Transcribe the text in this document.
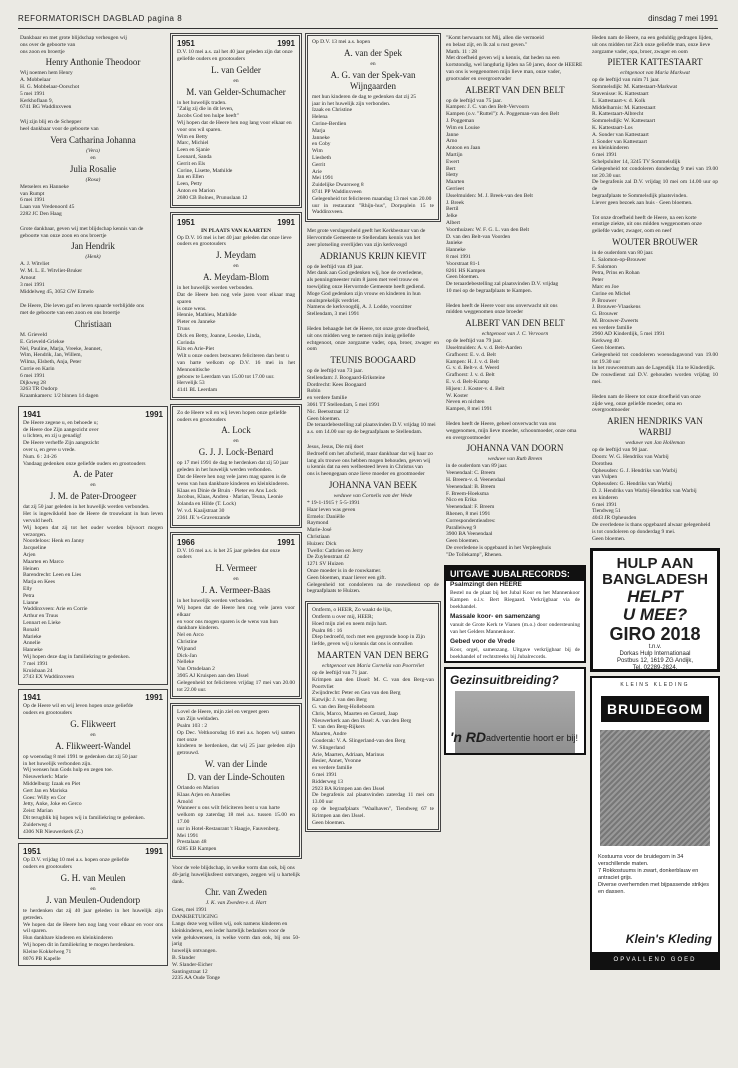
REFORMATORISCH DAGBLAD pagina 8	dinsdag 7 mei 1991
Dankbaar en met grote blijdschap verheugen wij
ons over de geboorte van
ons zoon en broertje
Henry Anthonie Theodoor
Wij noemen hem Henry
A. Mobbelaar
H. G. Mobbelaar-Oorschot
5 mei 1991
Kerkhoflaan 9,
6741 BG Waddinxveen
Wij zijn blij en de Schepper
heel dankbaar voor de geboorte van
Vera Catharina Johanna
(Vera)
en
Julia Rosalie
(Rosa)
Metselers en Hanneke
van Rumpt
6 mei 1991
Laan van Vredenoord 45
2282 JC Den Haag
Grote dankbaar, geven wij met blijdschap kennis van de
geboorte van onze zoon en ons broertje
Jan Hendrik
(Henk)
A. J. Witvliet
W. M. L. E. Witvliet-Bruker
Arnout
3 mei 1991
Middelweg 45, 3052 GW Ermelo
De Heere, Die leven gaf en leven spaarde verblijdde ons
met de geboorte van een zoon en ons broertje
Christiaan
M. Grieveld
E. Grieveld-Griekse
Nel, Pauline, Marja, Vreeke, Jeannet,
Wim, Hendrik, Jan, Willem,
Wilma, Elsbeth, Anja, Peter
Corrie en Karin
6 mei 1991
Dijkweg 28
3263 TR Oudorp
Kraamkamers: 1/2 binnen 14 dagen
1941	1991
De Heere zegene u, en behoede u;
de Heere doe Zijn aangezicht over
u lichten, en zij u genadig!
De Heere verheffe Zijn aangezicht
over u, en geve u vrede.
Num. 6 : 24-26
Vandaag gedenken onze geliefde ouders en grootouders
A. de Pater
en
J. M. de Pater-Droogeer
dat zij 50 jaar geleden in het huwelijk werden verbonden.
Het is ingewikkeld hoe de Heere de trouwkant in hun leven vervuld heeft.
Wij hopen dat zij tot het ouder worden bijvoort mogen verzorgen.
Noordeloos: Henk en Janny
Jacqueline
Arjen
Maarten en Marco
Heinen
Barendrecht: Leen en Lies
Marja en Kees
Elly
Petra
Lianne
Waddinxveen: Arie en Corrie
Arthur en Truus
Lennart en Lieke
Ronald
Marieke
Annelie
Hanneke
Wij hopen deze dag in familiekring te gedenken.
7 mei 1991
Kruisbaan 24
2743 EX Waddinxveen
1941	1991
Op de Heere wil en wij leven hopen onze geliefde
ouders en grootouders
G. Flikweert
en
A. Flikweert-Wandel
op woensdag 8 mei 1991 te gedenken dat zij 50 jaar
in het huwelijk verbonden zijn.
Wij wensen hun Gods hulp en zegen toe.
Nieuwerkerk: Marie
Middelburg: Izaak en Piet
Gert Jan en Mariska
Goes: Willy en Cor
Jetty, Anke, Joke en Gerco
Zeist: Marian
Dit terugblik bij hopen wij in familiekring te gedenken.
Zuiderweg 4
4306 NB Nieuwerkerk (Z.)
1951	1991
Op D.V. vrijdag 10 mei a.s. hopen onze geliefde
ouders en grootouders
G. H. van Meulen
en
J. van Meulen-Oudendorp
te herdenken dat zij 40 jaar geleden in het huwelijk zijn getreden.
We hopen dat de Heere hen nog lang voor elkaar en voor ons wil sparen.
Hun dankbare kinderen en kleinkinderen
Wij hopen dit in familiekring te mogen herdenken.
Kleine Kokkelweg 71
8076 PB Kapelle
1951	1991
D.V. 10 mei a.s. zal het 40 jaar geleden zijn dat onze
geliefde ouders en grootouders
L. van Gelder
en
M. van Gelder-Schumacher
in het huwelijk traden.
"Zalig zij die in dit leven,
Jacobs God ten hulpe heeft"
Wij hopen dat de Heere hen nog lang voor elkaar en
voor ons wil sparen.
Wim en Betty
Marc, Michiel
Leen en Sjanie
Leonard, Sanda
Gerrit en Els
Corine, Lisette, Mathilde
Jan en Ellen
Leen, Petty
Anton en Marion
2680 CB Bolnes, Prunuslaan 12
1951	1991
IN PLAATS VAN KAARTEN
Op D.V. 16 mei is het 40 jaar geleden dat onze lieve
ouders en grootouders
J. Meydam
en
A. Meydam-Blom
in het huwelijk werden verbonden.
Dat de Heere hen nog vele jaren voor elkaar mag sparen
is onze wens.
Hennie, Mathieu, Mathilde
Pieter en Janneke
Truus
Dick en Betty, Joanne, Leoske, Linda,
Corinda
Kits en Arie-Piet
Wilt u onze ouders bezwaren feliciteren dan bent u
van harte welkom op D.V. 16 mei in het Mennonitische
gebouw te Leerdam van 15.00 tot 17.00 uur.
Hervelijk 53
4141 BL Leerdam
Zo de Heere wil en wij leven hopen onze geliefde
ouders en grootouders
A. Lock
en
G. J. J. Lock-Benard
op 17 mei 1991 de dag te herdenken dat zij 50 jaar
geleden in het huwelijk werden verbonden.
Dat de Heere hen nog vele jaren mag sparen is de
wens van hun dankbare kinderen en kleinkinderen.
Klaas en Dinie de Bruin · Pieter en Ans Lock
Jacobus, Klaas, Andrea · Marian, Teuna, Leonie
Jolanda en Hilde (T. Lock)
W. v.d. Kaaijstraat 30
2361 JE 's-Gravenzande
1966	1991
D.V. 16 mei a.s. is het 25 jaar geleden dat onze
ouders
H. Vermeer
en
J. A. Vermeer-Baas
in het huwelijk werden verbonden.
Wij hopen dat de Heere hen nog vele jaren voor elkaar
en voor ons mogen sparen is de wens van hun
dankbare kinderen.
Nel en Arco
Christine
Wijnand
Dick-Jan
Nelleke
Van Ortsdelaan 2
3905 AJ Kruispen aan den IJssel
Gelegenheid tot feliciteren vrijdag 17 mei van 20.00 tot 22.00 uur.
Lovel de Heere, mijn ziel en vergeet geen
van Zijn weldaden.
Psalm 103 : 2
Op Dec. Veltkoorsdag 16 mei a.s. hopen wij samen met onze
kinderen te herdenken, dat wij 25 jaar geleden zijn getrouwd.
W. van der Linde
D. van der Linde-Schouten
Orlando en Marion
Klaas Arjen en Annelies
Arnold
Wanneer u ons wilt feliciteren bent u van harte
welkom op zaterdag 18 mei a.s. tussen 15.00 en 17.00
uur in Hotel-Restaurant 't Haagje, Fauvenberg.
Mei 1991
Prestalaan 48
6285 EB Kampen
Voor de vele blijdschap, in welke vorm dan ook, bij ons
40-jarig huwelijksfeest ontvangen, zeggen wij u hartelijk dank.
Chr. van Zweden
J. K. van Zweden-v. d. Hart
Goes, mei 1991
DANKBETUIGING
Langs deze weg willen wij, ook namens kinderen en
kleinkinderen, een ieder hartelijk bedanken voor de
vele gelukwensen, in welke vorm dan ook, bij ons 50-jarig
huwelijk ontvangen.
B. Slander
W. Slander-Eicher
Santingstraat 12
2235 AA Oude Tonge
Op D.V. 13 mei a.s. hopen
A. van der Spek
en
A. G. van der Spek-van Wijngaarden
met hun kinderen de dag te gedenken dat zij 25
jaar in het huwelijk zijn verbonden.
Izaak en Christine
Helena
Corine-Berdien
Marja
Janneke
en Coby
Wim
Liesbeth
Gerrit
Arie
Mei 1991
Zuidelijke Dwarsweg 8
8741 PP Waddinxveen
Gelegenheid tot feliciteren maandag 13 mei van 20.00
uur in restaurant "Rhijn-hus", Dorpsplein 15 te Waddinxveen.
Met grote verslagenheid geeft het Kerkbestuur van de
Hervormde Gemeente te Stellendam kennis van het
zeer plotseling overlijden van zijn kerkvoogd
ADRIANUS KRIJN KIEVIT
op de leeftijd van 49 jaar.
Met dank aan God gedenken wij, hoe de overledene,
als penningmeester ruim 8 jaren met veel trouw en
toewijding onze Hervormde Gemeente heeft gediend.
Moge God gedenken zijn vrouw en kinderen in hun
onuitsprekelijk verdriet.
Namens de kerkvoogdij, A. J. Lodde, voorzitter
Stellendam, 3 mei 1991
Heden behaagde het de Heere, tot onze grote droefheid,
uit ons midden weg te nemen mijn innig geliefde
echtgenoot, onze zorgzame vader, opa, broer, zwager en oom
TEUNIS BOOGAARD
op de leeftijd van 73 jaar.
Stellendam: J. Boogaard-Eriksteine
Dordrecht: Kees Boogaard
Robin
en verdere familie
3061 TT Stellendam, 5 mei 1991
Nic. Beetsstraat 12
Geen bloemen.
De teraardebestelling zal plaatsvinden D.V. vrijdag 10 mei
a.s. om 14.00 uur op de begraafplaats te Stellendam.
Jesus, Jesus, Die mij doet
Bedroefd om het afscheid, maar dankbaar dat wij haar zo
lang als trouwe ons hebben mogen behouden, geven wij
u kennis dat na een welbesteed leven in Christus van
ons is heengegaan onze lieve moeder en grootmoeder
JOHANNA VAN BEEK
weduwe van Cornelis van der Wede
* 19-1-1915 † 5-5-1991
Haar leven was geven
Ermelo: Daniëlle
Raymond
Marie-José
Christiaan
Huizen: Dick
Twello: Cathrien en Jerry
De Zuylenstraat 42
1271 SV Huizen
Onze moeder is in de rouwkamer.
Geen bloemen, maar liever een gift.
Gelegenheid tot condoleren na de rouwdienst op de begraafplaats te Huizen.
Ontferm, o HEER, Zo waakt de lijn,
Ontferm u over mij, HEER;
Hoed mijn ziel en neem mijn hart.
Psalm 86 : 16
Diep bedroefd, toch met een gegronde hoop in Zijn
liefde, geven wij u kennis dat ons is ontvallen
MAARTEN VAN DEN BERG
echtgenoot van Maria Cornelia van Poortvliet
op de leeftijd van 71 jaar.
Krimpen aan den IJssel: M. C. van den Berg-van Poortvliet
Zwijndrecht: Peter en Gea van den Berg
Katwijk: J. van den Berg
G. van den Berg-Holleboom
Chris, Marco, Maarten en Gerard, Jaap
Nieuwerkerk aan den IJssel: A. van den Berg
T. van den Berg-Rijkers
Maarten, Andre
Gouderak: V. A. Slingerland-van den Berg
W. Slingerland
Arie, Maarten, Adriaan, Marinus
Besier, Annet, Yvonne
en verdere familie
6 mei 1991
Ridderweg 13
2923 BA Krimpen aan den IJssel
De begrafenis zal plaatsvinden zaterdag 11 mei om 13.00 uur
op de begraafplaats "Waalhaven", Tiendweg 67 te Krimpen aan den IJssel.
Geen bloemen.
"Komt herwaarts tot Mij, allen die vermoeid
en belast zijt, en Ik zal u rust geven."
Matth. 11 : 28
Met droefheid geven wij u kennis, dat heden na een
kortstondig, wel langdurig lijden na 50 jaren, door de HEERE
van ons is weggenomen mijn lieve man, onze vader,
grootvader en overgrootvader
ALBERT VAN DEN BELT
op de leeftijd van 75 jaar.
Kampen: J. C. van den Belt-Vervoorn
Kampen (o.v. "Ruttel"): A. Poggeman-van den Belt
J. Poggeman
Wim en Louise
Janne
Arno
Antoon en Jaan
Martijn
Ewert
Bert
Hetty
Maarten
Gerrieet
IJsselmuiden: M. J. Breek-van den Belt
J. Breek
Bertil
Jelke
Albert
Voorthuizen: W. F. G. L. van den Belt
D. van den Belt-van Voorden
Janieke
Hanneke
8 mei 1991
Voorstraat 81-1
8261 HS Kampen
Geen bloemen.
De teraardebestelling zal plaatsvinden D.V. vrijdag
10 mei op de begraafplaats te Kampen.
Heden heeft de Heere voor ons onverwacht uit ons
midden weggenomen onze broeder
ALBERT VAN DEN BELT
echtgenoot van J. C. Vervoorn
op de leeftijd van 79 jaar.
IJsselmuiden: A. v. d. Belt-Aarden
Grafhorst: E. v. d. Belt
Kampen: H. J. v. d. Belt
G. v. d. Belt-v. d. Weerd
Grafhorst: J. v. d. Belt
E. v. d. Belt-Kramp
Hijsen: J. Koster-v. d. Belt
W. Koster
Neven en nichten
Kampen, 8 mei 1991
Heden heeft de Heere, geheel onverwacht van ons
weggenomen, mijn lieve moeder, schoonmoeder, onze oma
en overgrootmoeder
JOHANNA VAN DOORN
weduwe van Ruth Breem
in de ouderdom van 89 jaar.
Veenendaal: C. Breem
H. Breem-v. d. Veenendaal
Veenendaal: B. Breem
F. Breem-Hoeksma
Nico en Erika
Veenendaal: F. Breem
Rhenen, 8 mei 1991
Correspondentieadres:
Paralleiweg 9
3900 BA Veenendaal
Geen bloemen.
De overledene is opgebaard in het Verpleeghuis
"De Tollekamp", Rhenen.
UITGAVE JUBALRECORDS:
Psalmzingt den HEERE
Bestel nu de plaat bij het Jubal Koor en het Mannenkoor Kampen o.l.v. Bert Riegaard. Verkrijgbaar via de boekhandel.
Massale koor- en samenzang
vanuit de Grote Kerk te Vianen (m.o.) door ondersteuning van het Gelders Mannenkoor.
Gebed voor de Vrede
Koor, orgel, samenzang. Uitgave verkrijgbaar bij de boekhandel of rechtstreeks bij Jubalrecords.
Gezinsuitbreiding?
'n RD advertentie hoort er bij!
Heden nam de Heere, na een geduldig gedragen lijden,
uit ons midden tot Zich onze geliefde man, onze lieve
zorgzame vader, opa, broer, zwager en oom
PIETER KATTESTAART
echtgenoot van Maria Markwat
op de leeftijd van ruim 71 jaar.
Sommelsdijk: M. Kattestaart-Markwat
Stavenisse: K. Kattestaart
L. Kattestaart-v. d. Kolk
Middelharnis: M. Kattestaart
R. Kattestaart-Albrecht
Sommelsdijk: W. Kattestaart
K. Kattestaart-Los
A. Sonder van Kattestaart
J. Sonder van Kattestaart
en kleinkinderen
6 mei 1991
Schelpsluiter 14, 3245 TV Sommelsdijk
Gelegenheid tot condoleren donderdag 9 mei van 19.00 tot 20.30 uur.
De begrafenis zal D.V. vrijdag 10 mei om 14.00 uur op de
begraafplaats te Sommelsdijk plaatsvinden.
Liever geen bezoek aan huis · Geen bloemen.
Tot onze droefheid heeft de Heere, na een korte
ernstige ziekte, uit ons midden weggenomen onze
geliefde vader, zwager, oom en neef
WOUTER BROUWER
in de ouderdom van 80 jaar.
L. Salomon-op-Brouwer
F. Salomon
Petra, Prins en Rohan
Peter
Marc en Joe
Corine en Michel
P. Brouwer
J. Brouwer-Vlaaskens
G. Brouwer
M. Brouwer-Zweerts
en verdere familie
2960 AD Kinderdijk, 5 mei 1991
Kerkweg 40
Geen bloemen.
Gelegenheid tot condoleren woensdagavond van 19.00 tot 19.30 uur
in het rouwcentrum aan de Lagendijk 11a te Kinderdijk.
De rouwdienst zal D.V. gehouden worden vrijdag 10 mei.
Heden nam de Heere tot onze droefheid van onze
zijde weg, onze geliefde moeder, oma en
overgrootmoeder
ARIEN HENDRIKS VAN WARBIJ
weduwe van Jan Holleman
op de leeftijd van 90 jaar.
Doorn: W. G. Hendriks van Warbij
Dorothea
Opheusden: G. J. Hendriks van Warbij
van Vulpen
Opheusden: G. Hendriks van Warbij
D. J. Hendriks van Warbij-Hendriks van Warbij
en kinderen
6 mei 1991
Tiendweg 51
4043 JR Opheusden
De overledene is thans opgebaard alwaar gelegenheid
is tot condoleren op donderdag 9 mei.
Geen bloemen.
HULP AAN
BANGLADESH
HELPT
U MEE?
GIRO 2018
t.n.v.
Dorkas Hulp Internationaal
Postbus 12, 1619 ZG Andijk,
Tel. 02289-2824.
KLEINS KLEDING
BRUIDEGOM
Kostuums voor de bruidegom in 34 verschillende maten.
7 Rokkostuums in zwart, donkerblauw en antraciet grijs.
Diverse overhemden met bijpassende strikjes en dassen.
Klein's Kleding
OPVALLEND GOED
